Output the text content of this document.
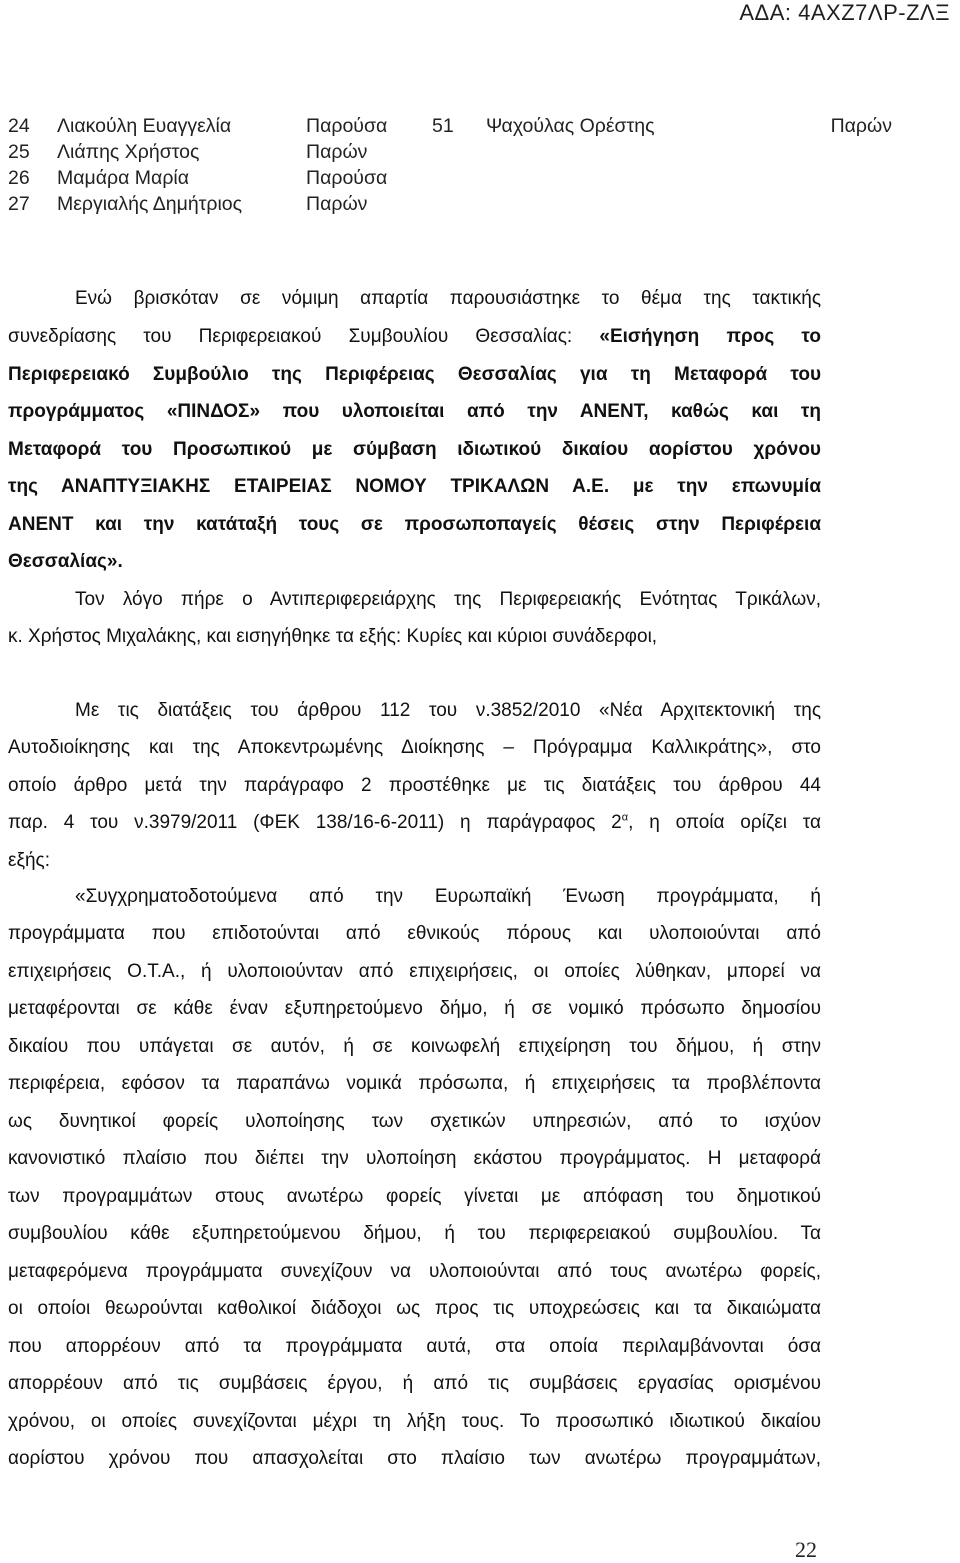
ΑΔΑ: 4ΑΧΖ7ΛΡ-ΖΛΞ
24 Λιακούλη Ευαγγελία	Παρούσα 51 Ψαχούλας Ορέστης	Παρών
25 Λιάπης Χρήστος	Παρών
26 Μαμάρα Μαρία	Παρούσα
27 Μεργιαλής Δημήτριος	Παρών
Ενώ βρισκόταν σε νόμιμη απαρτία παρουσιάστηκε το θέμα της τακτικής
συνεδρίασης του Περιφερειακού Συμβουλίου Θεσσαλίας: «Εισήγηση προς το
Περιφερειακό Συμβούλιο της Περιφέρειας Θεσσαλίας για τη Μεταφορά του
προγράμματος «ΠΙΝΔΟΣ» που υλοποιείται από την ΑΝΕΝΤ, καθώς και τη
Μεταφορά του Προσωπικού με σύμβαση ιδιωτικού δικαίου αορίστου χρόνου
της ΑΝΑΠΤΥΞΙΑΚΗΣ ΕΤΑΙΡΕΙΑΣ ΝΟΜΟΥ ΤΡΙΚΑΛΩΝ Α.Ε. με την επωνυμία
ΑΝΕΝΤ και την κατάταξή τους σε προσωποπαγείς θέσεις στην Περιφέρεια
Θεσσαλίας».
Τον λόγο πήρε ο Αντιπεριφερειάρχης της Περιφερειακής Ενότητας Τρικάλων,
κ. Χρήστος Μιχαλάκης, και εισηγήθηκε τα εξής: Κυρίες και κύριοι συνάδερφοι,
Με τις διατάξεις του άρθρου 112 του ν.3852/2010 «Νέα Αρχιτεκτονική της
Αυτοδιοίκησης και της Αποκεντρωμένης Διοίκησης – Πρόγραμμα Καλλικράτης», στο
οποίο άρθρο μετά την παράγραφο 2 προστέθηκε με τις διατάξεις του άρθρου 44
παρ. 4 του ν.3979/2011 (ΦΕΚ 138/16-6-2011) η παράγραφος $2^\alpha$, η οποία ορίζει τα
εξής:
«Συγχρηματοδοτούμενα από την Ευρωπαϊκή Ένωση προγράμματα, ή
προγράμματα που επιδοτούνται από εθνικούς πόρους και υλοποιούνται από
επιχειρήσεις Ο.Τ.Α., ή υλοποιούνταν από επιχειρήσεις, οι οποίες λύθηκαν, μπορεί να
μεταφέρονται σε κάθε έναν εξυπηρετούμενο δήμο, ή σε νομικό πρόσωπο δημοσίου
δικαίου που υπάγεται σε αυτόν, ή σε κοινωφελή επιχείρηση του δήμου, ή στην
περιφέρεια, εφόσον τα παραπάνω νομικά πρόσωπα, ή επιχειρήσεις τα προβλέποντα
ως δυνητικοί φορείς υλοποίησης των σχετικών υπηρεσιών, από το ισχύον
κανονιστικό πλαίσιο που διέπει την υλοποίηση εκάστου προγράμματος. Η μεταφορά
των προγραμμάτων στους ανωτέρω φορείς γίνεται με απόφαση του δημοτικού
συμβουλίου κάθε εξυπηρετούμενου δήμου, ή του περιφερειακού συμβουλίου. Τα
μεταφερόμενα προγράμματα συνεχίζουν να υλοποιούνται από τους ανωτέρω φορείς,
οι οποίοι θεωρούνται καθολικοί διάδοχοι ως προς τις υποχρεώσεις και τα δικαιώματα
που απορρέουν από τα προγράμματα αυτά, στα οποία περιλαμβάνονται όσα
απορρέουν από τις συμβάσεις έργου, ή από τις συμβάσεις εργασίας ορισμένου
χρόνου, οι οποίες συνεχίζονται μέχρι τη λήξη τους. Το προσωπικό ιδιωτικού δικαίου
αορίστου χρόνου που απασχολείται στο πλαίσιο των ανωτέρω προγραμμάτων,
22
